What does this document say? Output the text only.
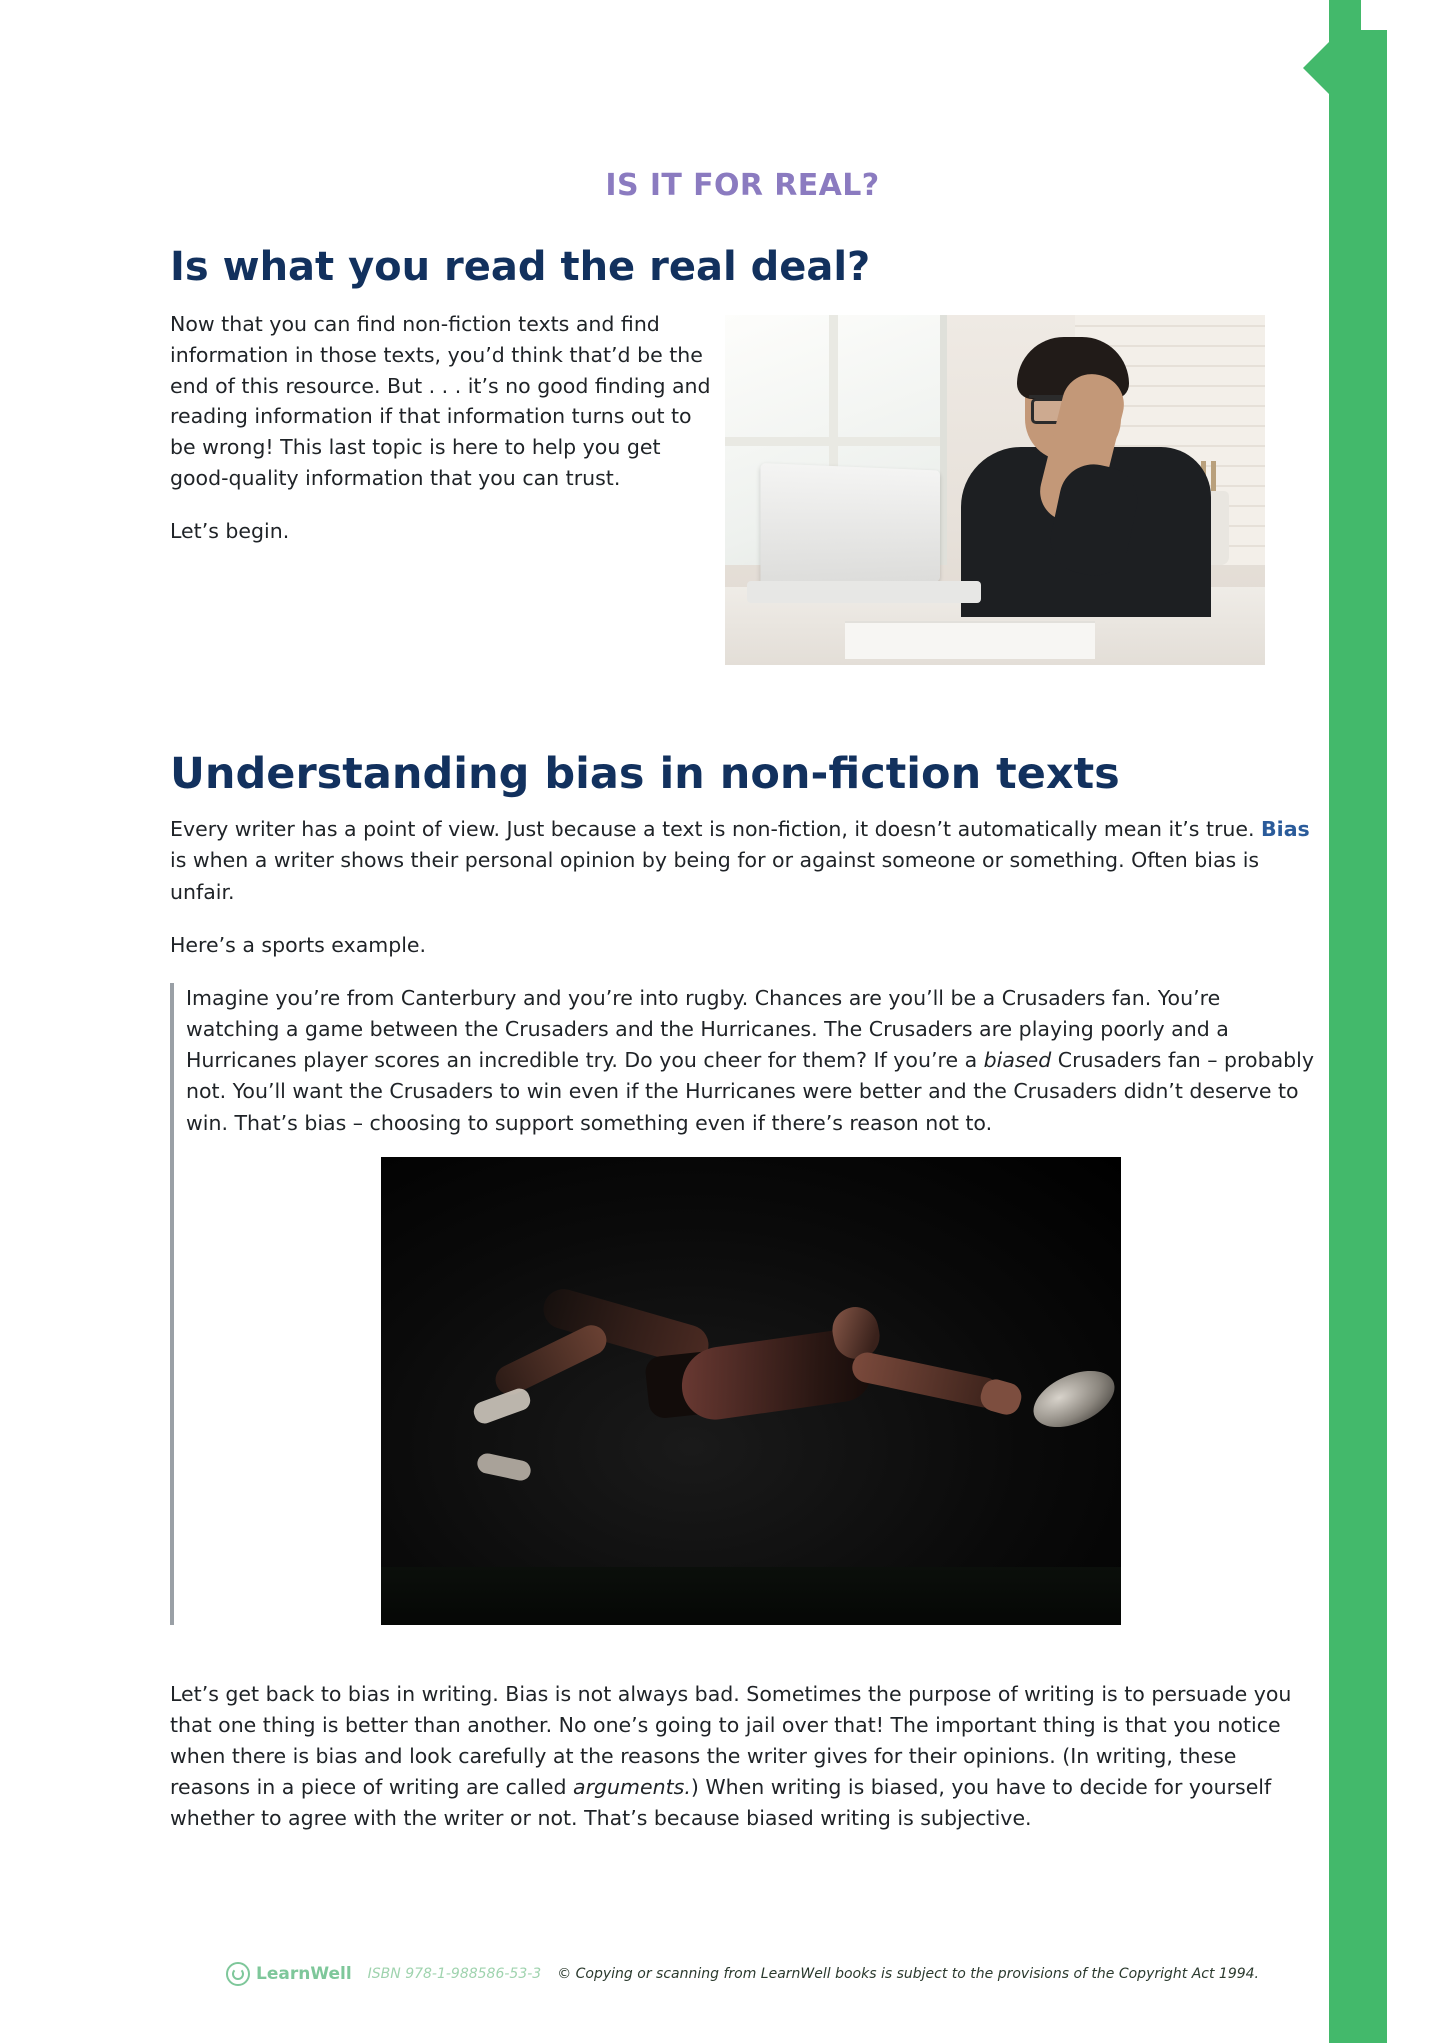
IS IT FOR REAL?
Is what you read the real deal?

Now that you can find non-fiction texts and find information in those texts, you’d think that’d be the end of this resource. But . . . it’s no good finding and reading information if that information turns out to be wrong! This last topic is here to help you get good-quality information that you can trust.

Let’s begin.

Understanding bias in non-fiction texts

Every writer has a point of view. Just because a text is non-fiction, it doesn’t automatically mean it’s true. Bias is when a writer shows their personal opinion by being for or against someone or something. Often bias is unfair.

Here’s a sports example.

Imagine you’re from Canterbury and you’re into rugby. Chances are you’ll be a Crusaders fan. You’re watching a game between the Crusaders and the Hurricanes. The Crusaders are playing poorly and a Hurricanes player scores an incredible try. Do you cheer for them? If you’re a biased Crusaders fan – probably not. You’ll want the Crusaders to win even if the Hurricanes were better and the Crusaders didn’t deserve to win. That’s bias – choosing to support something even if there’s reason not to.

Let’s get back to bias in writing. Bias is not always bad. Sometimes the purpose of writing is to persuade you that one thing is better than another. No one’s going to jail over that! The important thing is that you notice when there is bias and look carefully at the reasons the writer gives for their opinions. (In writing, these reasons in a piece of writing are called arguments.) When writing is biased, you have to decide for yourself whether to agree with the writer or not. That’s because biased writing is subjective.

LearnWell ISBN 978-1-988586-53-3 © Copying or scanning from LearnWell books is subject to the provisions of the Copyright Act 1994.
